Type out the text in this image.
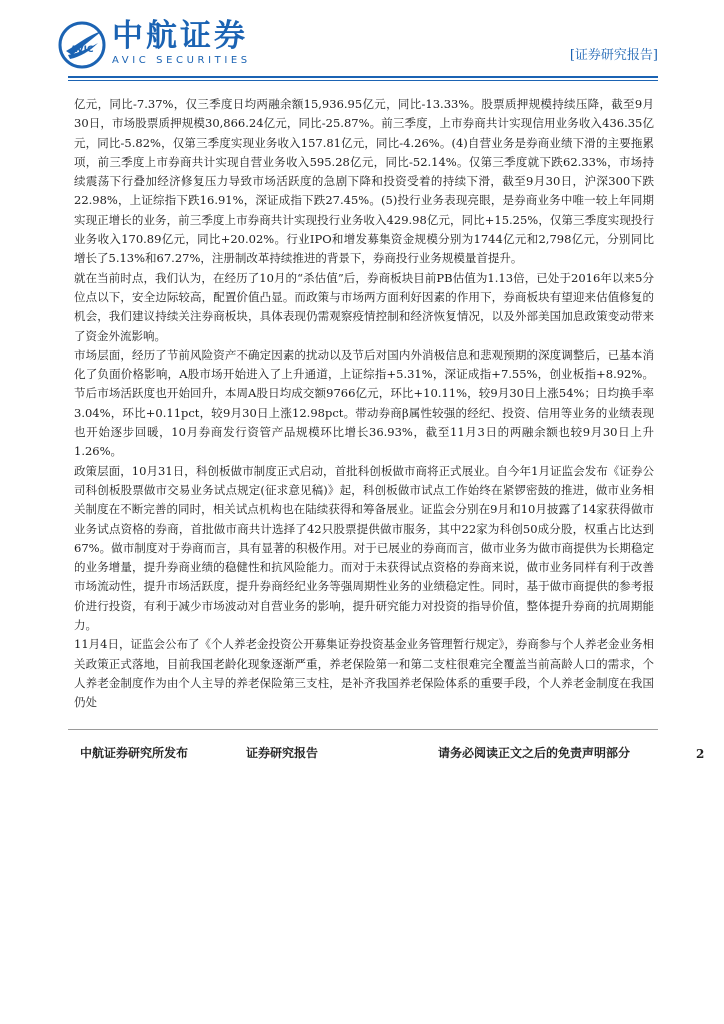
AVIC 中航证券
AVIC SECURITIES	[证券研究报告]

亿元，同比-7.37%，仅三季度日均两融余额15,936.95亿元，同比-13.33%。股票质押规模持续压降，截至9月30日，市场股票质押规模30,866.24亿元，同比-25.87%。前三季度，上市券商共计实现信用业务收入436.35亿元，同比-5.82%，仅第三季度实现业务收入157.81亿元，同比-4.26%。(4)自营业务是券商业绩下滑的主要拖累项，前三季度上市券商共计实现自营业务收入595.28亿元，同比-52.14%。仅第三季度就下跌62.33%，市场持续震荡下行叠加经济修复压力导致市场活跃度的急剧下降和投资受着的持续下滑，截至9月30日，沪深300下跌22.98%，上证综指下跌16.91%，深证成指下跌27.45%。(5)投行业务表现亮眼，是券商业务中唯一较上年同期实现正增长的业务，前三季度上市券商共计实现投行业务收入429.98亿元，同比+15.25%，仅第三季度实现投行业务收入170.89亿元，同比+20.02%。行业IPO和增发募集资金规模分别为1744亿元和2,798亿元，分别同比增长了5.13%和67.27%，注册制改革持续推进的背景下，券商投行业务规模量首提升。

就在当前时点，我们认为，在经历了10月的“杀估值”后，券商板块目前PB估值为1.13倍，已处于2016年以来5分位点以下，安全边际较高，配置价值凸显。而政策与市场两方面利好因素的作用下，券商板块有望迎来估值修复的机会，我们建议持续关注券商板块，具体表现仍需观察疫情控制和经济恢复情况，以及外部美国加息政策变动带来了资金外流影响。

市场层面，经历了节前风险资产不确定因素的扰动以及节后对国内外消极信息和悲观预期的深度调整后，已基本消化了负面价格影响，A股市场开始进入了上升通道，上证综指+5.31%，深证成指+7.55%，创业板指+8.92%。节后市场活跃度也开始回升，本周A股日均成交额9766亿元，环比+10.11%，较9月30日上涨54%；日均换手率3.04%，环比+0.11pct，较9月30日上涨12.98pct。带动券商β属性较强的经纪、投资、信用等业务的业绩表现也开始逐步回暖，10月券商发行资管产品规模环比增长36.93%，截至11月3日的两融余额也较9月30日上升1.26%。

政策层面，10月31日，科创板做市制度正式启动，首批科创板做市商将正式展业。自今年1月证监会发布《证券公司科创板股票做市交易业务试点规定(征求意见稿)》起，科创板做市试点工作始终在紧锣密鼓的推进，做市业务相关制度在不断完善的同时，相关试点机构也在陆续获得和筹备展业。证监会分别在9月和10月披露了14家获得做市业务试点资格的券商，首批做市商共计选择了42只股票提供做市服务，其中22家为科创50成分股，权重占比达到67%。做市制度对于券商而言，具有显著的积极作用。对于已展业的券商而言，做市业务为做市商提供为长期稳定的业务增量，提升券商业绩的稳健性和抗风险能力。而对于未获得试点资格的券商来说，做市业务同样有利于改善市场流动性，提升市场活跃度，提升券商经纪业务等强周期性业务的业绩稳定性。同时，基于做市商提供的参考报价进行投资，有利于减少市场波动对自营业务的影响，提升研究能力对投资的指导价值，整体提升券商的抗周期能力。

11月4日，证监会公布了《个人养老金投资公开募集证券投资基金业务管理暂行规定》，券商参与个人养老金业务相关政策正式落地，目前我国老龄化现象逐渐严重，养老保险第一和第二支柱很难完全覆盖当前高龄人口的需求，个人养老金制度作为由个人主导的养老保险第三支柱，是补齐我国养老保险体系的重要手段，个人养老金制度在我国仍处

中航证券研究所发布	证券研究报告	请务必阅读正文之后的免责声明部分	2
